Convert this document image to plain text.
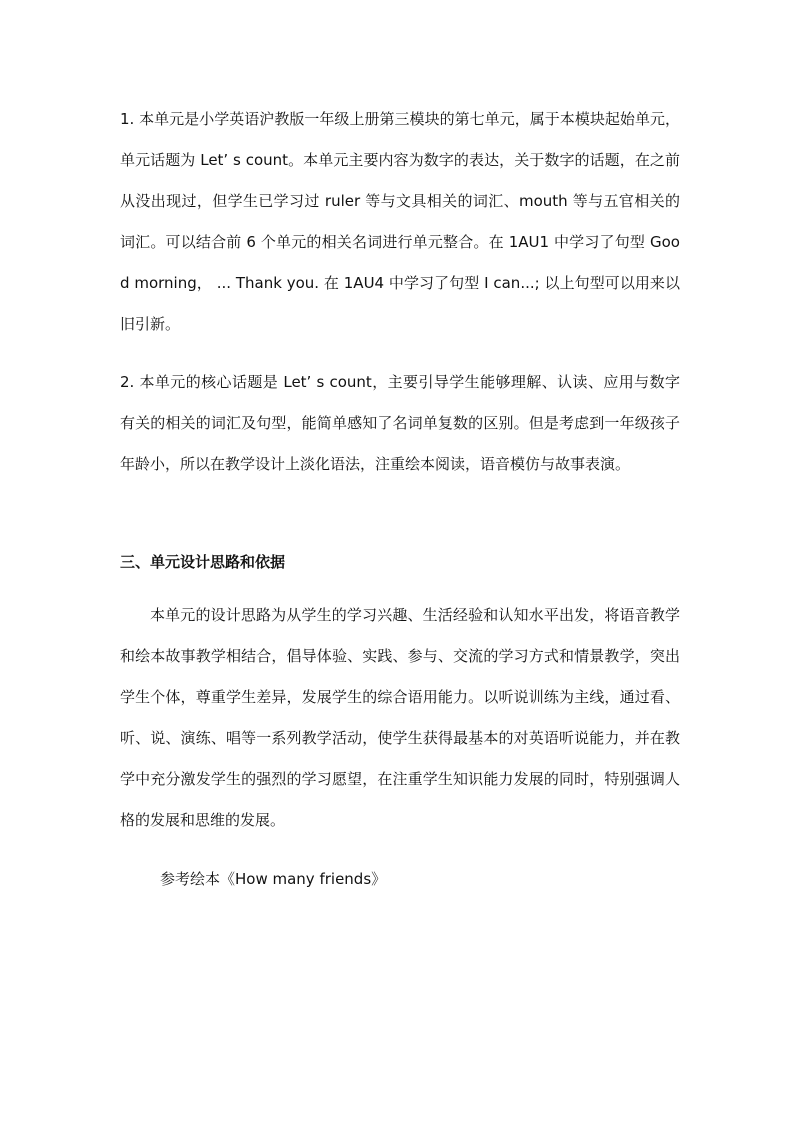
1. 本单元是小学英语沪教版一年级上册第三模块的第七单元，属于本模块起始单元，单元话题为 Let’ s count。本单元主要内容为数字的表达，关于数字的话题，在之前从没出现过，但学生已学习过 ruler 等与文具相关的词汇、mouth 等与五官相关的词汇。可以结合前 6 个单元的相关名词进行单元整合。在 1AU1 中学习了句型 Good morning， ... Thank you. 在 1AU4 中学习了句型 I can...; 以上句型可以用来以旧引新。

2. 本单元的核心话题是 Let’ s count，主要引导学生能够理解、认读、应用与数字有关的相关的词汇及句型，能简单感知了名词单复数的区别。但是考虑到一年级孩子年龄小，所以在教学设计上淡化语法，注重绘本阅读，语音模仿与故事表演。

三、单元设计思路和依据

本单元的设计思路为从学生的学习兴趣、生活经验和认知水平出发，将语音教学和绘本故事教学相结合，倡导体验、实践、参与、交流的学习方式和情景教学，突出学生个体，尊重学生差异，发展学生的综合语用能力。以听说训练为主线，通过看、听、说、演练、唱等一系列教学活动，使学生获得最基本的对英语听说能力，并在教学中充分激发学生的强烈的学习愿望，在注重学生知识能力发展的同时，特别强调人格的发展和思维的发展。

参考绘本《How many friends》
